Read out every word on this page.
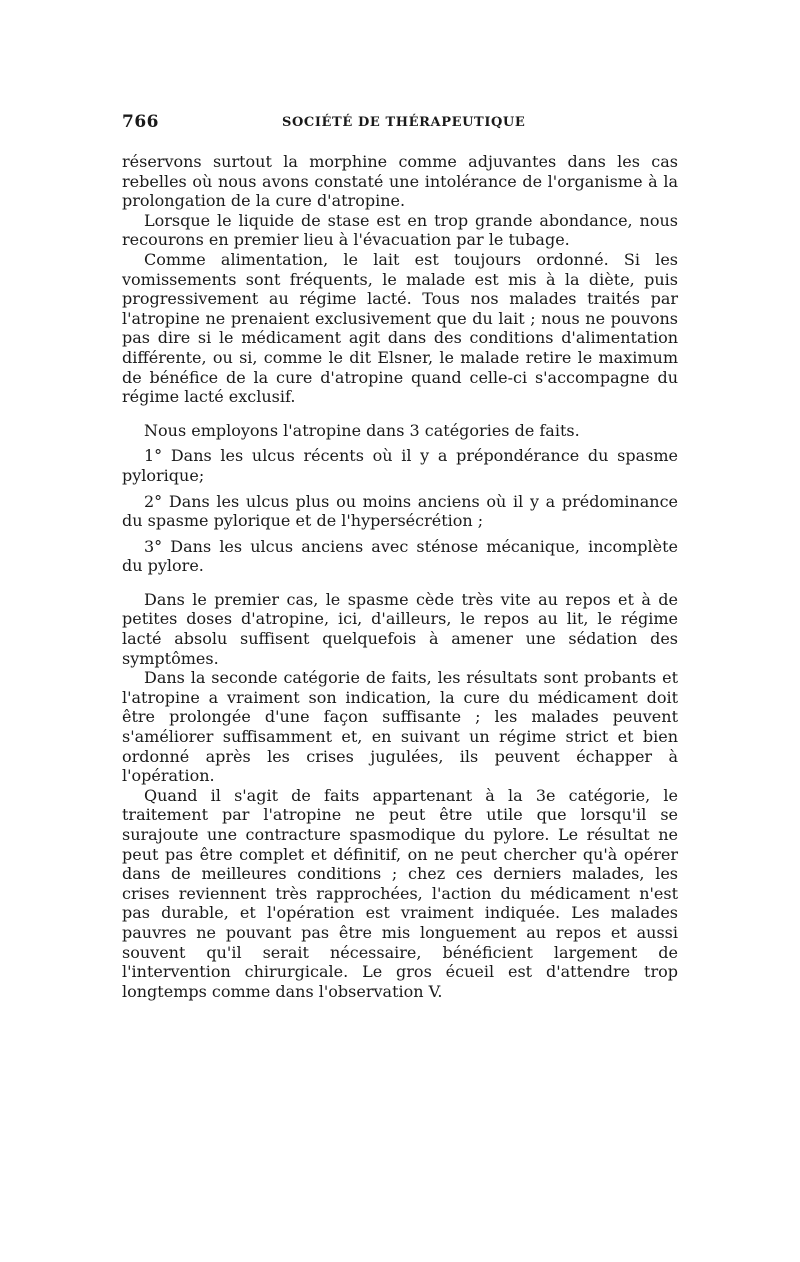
766	SOCIÉTÉ DE THÉRAPEUTIQUE

réservons surtout la morphine comme adjuvantes dans les cas rebelles où nous avons constaté une intolérance de l'organisme à la prolongation de la cure d'atropine.

Lorsque le liquide de stase est en trop grande abondance, nous recourons en premier lieu à l'évacuation par le tubage.

Comme alimentation, le lait est toujours ordonné. Si les vomissements sont fréquents, le malade est mis à la diète, puis progressivement au régime lacté. Tous nos malades traités par l'atropine ne prenaient exclusivement que du lait ; nous ne pouvons pas dire si le médicament agit dans des conditions d'alimentation différente, ou si, comme le dit Elsner, le malade retire le maximum de bénéfice de la cure d'atropine quand celle-ci s'accompagne du régime lacté exclusif.

Nous employons l'atropine dans 3 catégories de faits.

1° Dans les ulcus récents où il y a prépondérance du spasme pylorique;

2° Dans les ulcus plus ou moins anciens où il y a prédominance du spasme pylorique et de l'hypersécrétion ;

3° Dans les ulcus anciens avec sténose mécanique, incomplète du pylore.

Dans le premier cas, le spasme cède très vite au repos et à de petites doses d'atropine, ici, d'ailleurs, le repos au lit, le régime lacté absolu suffisent quelquefois à amener une sédation des symptômes.

Dans la seconde catégorie de faits, les résultats sont probants et l'atropine a vraiment son indication, la cure du médicament doit être prolongée d'une façon suffisante ; les malades peuvent s'améliorer suffisamment et, en suivant un régime strict et bien ordonné après les crises jugulées, ils peuvent échapper à l'opération.

Quand il s'agit de faits appartenant à la 3e catégorie, le traitement par l'atropine ne peut être utile que lorsqu'il se surajoute une contracture spasmodique du pylore. Le résultat ne peut pas être complet et définitif, on ne peut chercher qu'à opérer dans de meilleures conditions ; chez ces derniers malades, les crises reviennent très rapprochées, l'action du médicament n'est pas durable, et l'opération est vraiment indiquée. Les malades pauvres ne pouvant pas être mis longuement au repos et aussi souvent qu'il serait nécessaire, bénéficient largement de l'intervention chirurgicale. Le gros écueil est d'attendre trop longtemps comme dans l'observation V.
